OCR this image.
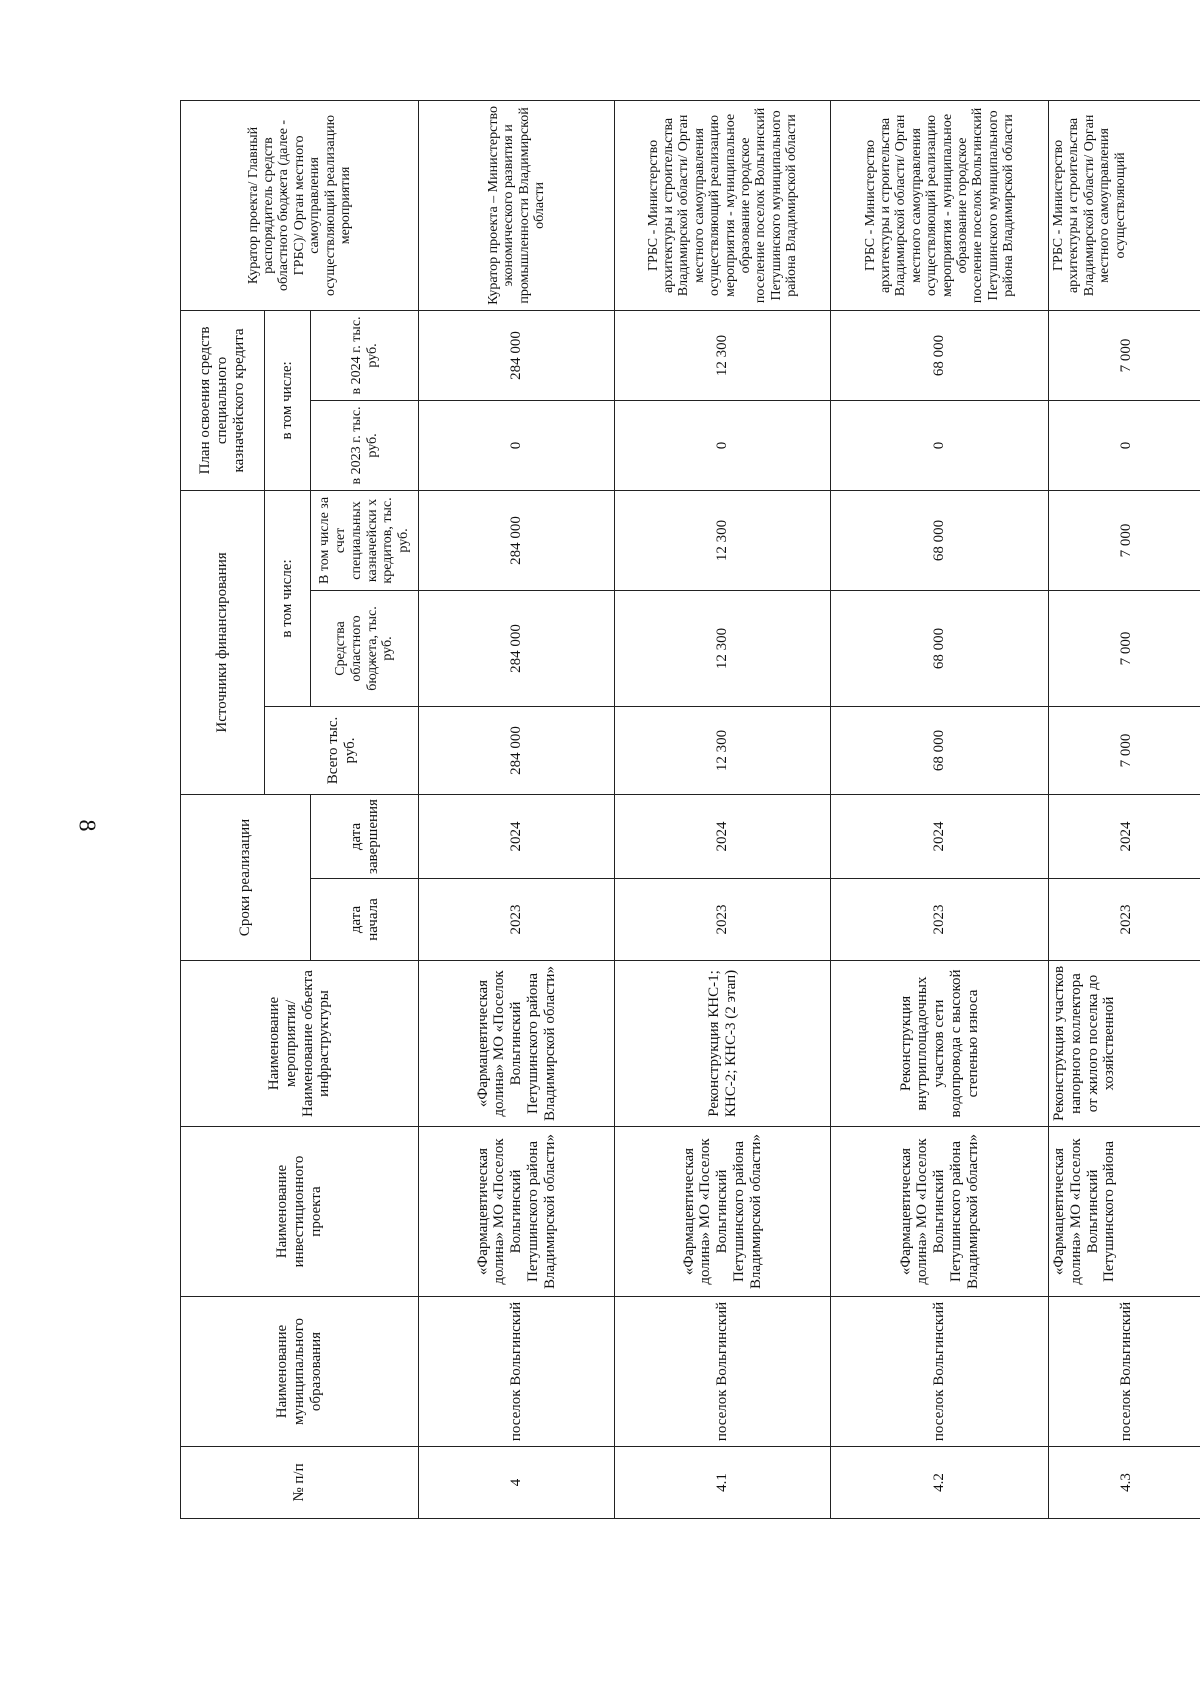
8
№ п/п	Наименование муниципального образования	Наименование инвестиционного проекта	Наименование мероприятия/ Наименование объекта инфраструктуры	Сроки реализации		Источники финансирования			План освоения средств специального казначейского кредита		Куратор проекта/ Главный распорядитель средств областного бюджета (далее - ГРБС)/ Орган местного самоуправления осуществляющий реализацию мероприятия
						Всего тыс. руб.	в том числе:		в том числе:		
				дата начала	дата завершения		Средства областного бюджета, тыс. руб.	В том числе за счет специальных казначейски х кредитов, тыс. руб.	в 2023 г. тыс. руб.	в 2024 г. тыс. руб.	
4	поселок Вольгинский	«Фармацевтическая долина» МО «Поселок Вольгинский Петушинского района Владимирской области»	«Фармацевтическая долина» МО «Поселок Вольгинский Петушинского района Владимирской области»	2023	2024	284 000	284 000	284 000	0	284 000	Куратор проекта – Министерство экономического развития и промышленности Владимирской области
4.1	поселок Вольгинский	«Фармацевтическая долина» МО «Поселок Вольгинский Петушинского района Владимирской области»	Реконструкция КНС-1; КНС-2; КНС-3 (2 этап)	2023	2024	12 300	12 300	12 300	0	12 300	ГРБС - Министерство архитектуры и строительства Владимирской области/ Орган местного самоуправления осуществляющий реализацию мероприятия - муниципальное образование городское поселение поселок Вольгинский Петушинского муниципального района Владимирской области
4.2	поселок Вольгинский	«Фармацевтическая долина» МО «Поселок Вольгинский Петушинского района Владимирской области»	Реконструкция внутриплощадочных участков сети водопровода с высокой степенью износа	2023	2024	68 000	68 000	68 000	0	68 000	ГРБС - Министерство архитектуры и строительства Владимирской области/ Орган местного самоуправления осуществляющий реализацию мероприятия - муниципальное образование городское поселение поселок Вольгинский Петушинского муниципального района Владимирской области
4.3	поселок Вольгинский	«Фармацевтическая долина» МО «Поселок Вольгинский Петушинского района	Реконструкция участков напорного коллектора от жилого поселка до хозяйственной	2023	2024	7 000	7 000	7 000	0	7 000	ГРБС - Министерство архитектуры и строительства Владимирской области/ Орган местного самоуправления осуществляющий
